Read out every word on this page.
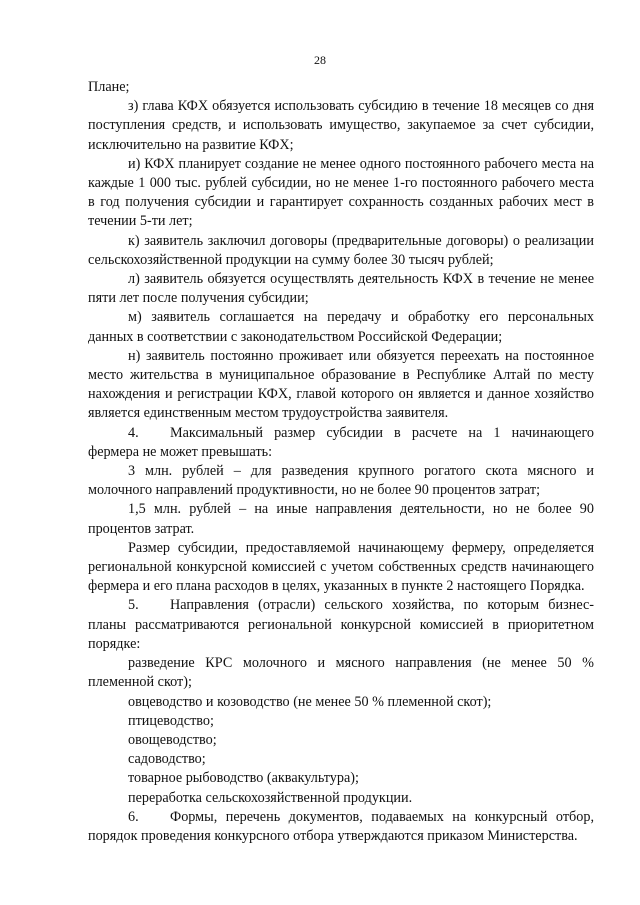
28

Плане;

з) глава КФХ обязуется использовать субсидию в течение 18 месяцев со дня поступления средств, и использовать имущество, закупаемое за счет субсидии, исключительно на развитие КФХ;

и) КФХ планирует создание не менее одного постоянного рабочего места на каждые 1 000 тыс. рублей субсидии, но не менее 1-го постоянного рабочего места в год получения субсидии и гарантирует сохранность созданных рабочих мест в течении 5-ти лет;

к) заявитель заключил договоры (предварительные договоры) о реализации сельскохозяйственной продукции на сумму более 30 тысяч рублей;

л) заявитель обязуется осуществлять деятельность КФХ в течение не менее пяти лет после получения субсидии;

м) заявитель соглашается на передачу и обработку его персональных данных в соответствии с законодательством Российской Федерации;

н) заявитель постоянно проживает или обязуется переехать на постоянное место жительства в муниципальное образование в Республике Алтай по месту нахождения и регистрации КФХ, главой которого он является и данное хозяйство является единственным местом трудоустройства заявителя.

4. Максимальный размер субсидии в расчете на 1 начинающего фермера не может превышать:

3 млн. рублей – для разведения крупного рогатого скота мясного и молочного направлений продуктивности, но не более 90 процентов затрат;

1,5 млн. рублей – на иные направления деятельности, но не более 90 процентов затрат.

Размер субсидии, предоставляемой начинающему фермеру, определяется региональной конкурсной комиссией с учетом собственных средств начинающего фермера и его плана расходов в целях, указанных в пункте 2 настоящего Порядка.

5. Направления (отрасли) сельского хозяйства, по которым бизнес-планы рассматриваются региональной конкурсной комиссией в приоритетном порядке:

разведение КРС молочного и мясного направления (не менее 50 % племенной скот);

овцеводство и козоводство (не менее 50 % племенной скот);

птицеводство;

овощеводство;

садоводство;

товарное рыбоводство (аквакультура);

переработка сельскохозяйственной продукции.

6. Формы, перечень документов, подаваемых на конкурсный отбор, порядок проведения конкурсного отбора утверждаются приказом Министерства.
